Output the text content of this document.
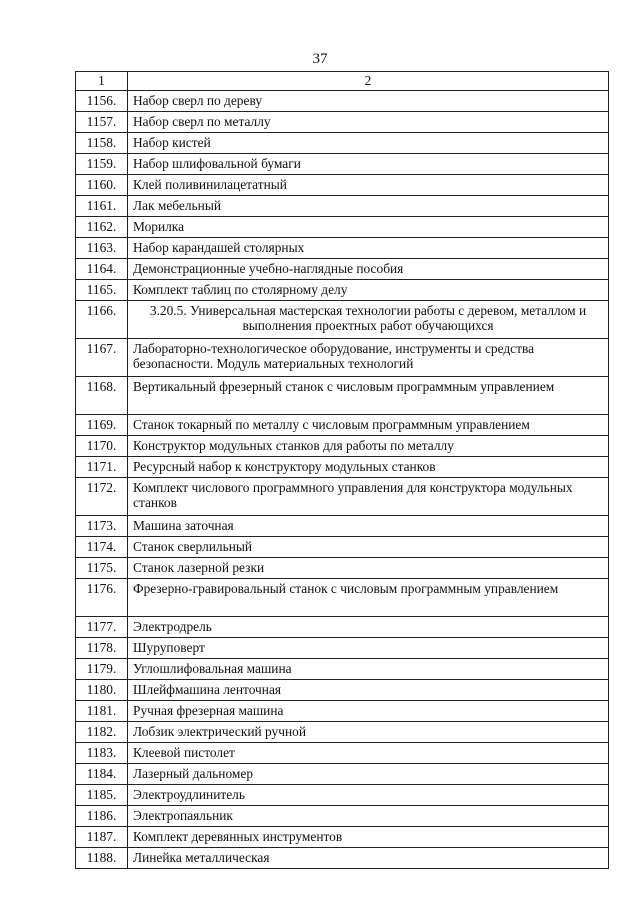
37
1	2
1156.	Набор сверл по дереву
1157.	Набор сверл по металлу
1158.	Набор кистей
1159.	Набор шлифовальной бумаги
1160.	Клей поливинилацетатный
1161.	Лак мебельный
1162.	Морилка
1163.	Набор карандашей столярных
1164.	Демонстрационные учебно-наглядные пособия
1165.	Комплект таблиц по столярному делу
1166.	3.20.5. Универсальная мастерская технологии работы с деревом, металлом и выполнения проектных работ обучающихся
1167.	Лабораторно-технологическое оборудование, инструменты и средства безопасности. Модуль материальных технологий
1168.	Вертикальный фрезерный станок с числовым программным управлением
1169.	Станок токарный по металлу с числовым программным управлением
1170.	Конструктор модульных станков для работы по металлу
1171.	Ресурсный набор к конструктору модульных станков
1172.	Комплект числового программного управления для конструктора модульных станков
1173.	Машина заточная
1174.	Станок сверлильный
1175.	Станок лазерной резки
1176.	Фрезерно-гравировальный станок с числовым программным управлением
1177.	Электродрель
1178.	Шуруповерт
1179.	Углошлифовальная машина
1180.	Шлейфмашина ленточная
1181.	Ручная фрезерная машина
1182.	Лобзик электрический ручной
1183.	Клеевой пистолет
1184.	Лазерный дальномер
1185.	Электроудлинитель
1186.	Электропаяльник
1187.	Комплект деревянных инструментов
1188.	Линейка металлическая
